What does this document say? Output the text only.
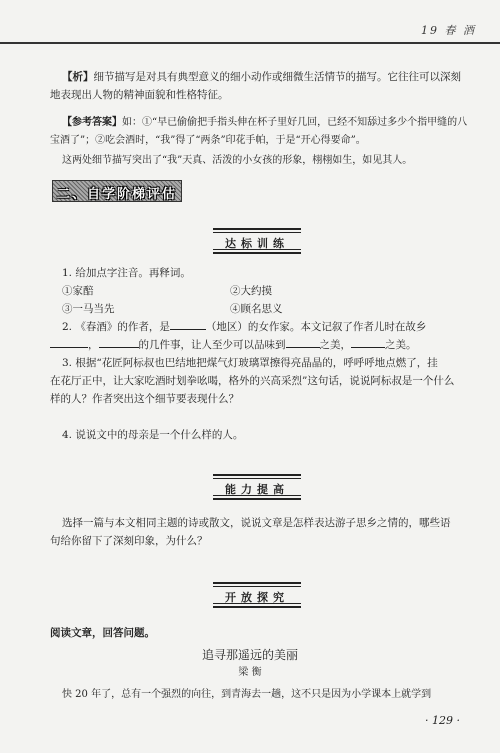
19 春 酒
【析】细节描写是对具有典型意义的细小动作或细微生活情节的描写。它往往可以深刻地表现出人物的精神面貌和性格特征。
【参考答案】如：①“早已偷偷把手指头伸在杯子里好几回，已经不知舔过多少个指甲缝的八宝酒了”；②吃会酒时，“我”得了“两条”印花手帕，于是“开心得要命”。
这两处细节描写突出了“我”天真、活泼的小女孩的形象，栩栩如生，如见其人。
二、自学阶梯评估
达标训练
1. 给加点字注音。再释词。
①家醅	②大约摸
③一马当先	④顾名思义
2. 《春酒》的作者，是	（地区）的女作家。本文记叙了作者儿时在故乡
，	的几件事，让人至少可以品味到	之美，	之美。
3. 根据“花匠阿标叔也巴结地把煤气灯玻璃罩擦得亮晶晶的，呼呼呼地点燃了，挂
在花厅正中，让大家吃酒时划拳吆喝，格外的兴高采烈”这句话，说说阿标叔是一个什么
样的人？作者突出这个细节要表现什么？
4. 说说文中的母亲是一个什么样的人。
能力提高
选择一篇与本文相同主题的诗或散文，说说文章是怎样表达游子思乡之情的，哪些语
句给你留下了深刻印象，为什么？
开放探究
阅读文章，回答问题。
追寻那遥远的美丽
梁 衡
快 20 年了，总有一个强烈的向往，到青海去一趟，这不只是因为小学课本上就学到
· 129 ·
